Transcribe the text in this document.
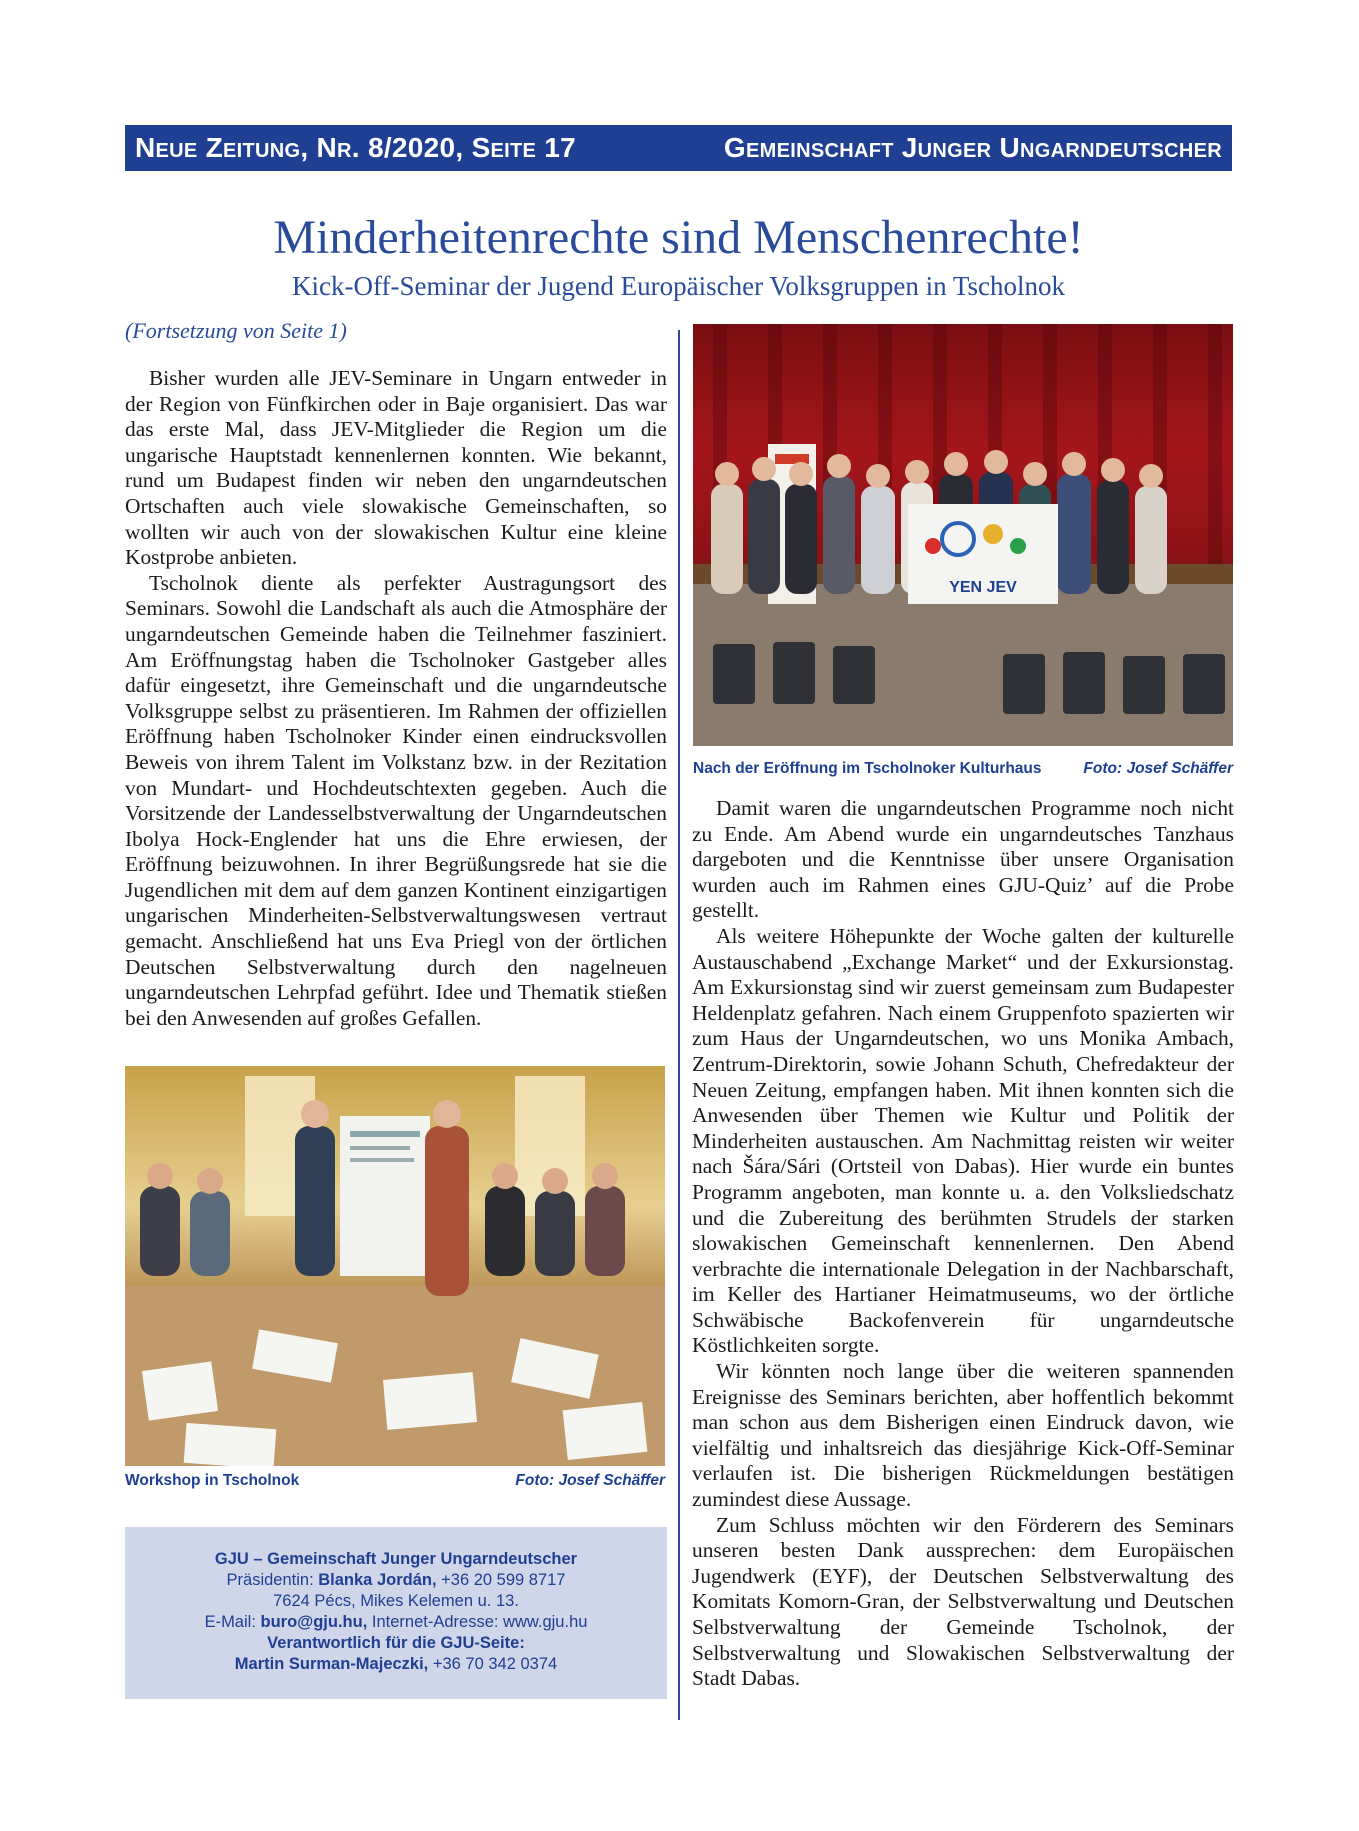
Neue Zeitung, Nr. 8/2020, Seite 17	Gemeinschaft Junger Ungarndeutscher
Minderheitenrechte sind Menschenrechte!
Kick-Off-Seminar der Jugend Europäischer Volksgruppen in Tscholnok
(Fortsetzung von Seite 1)

Bisher wurden alle JEV-Seminare in Ungarn entweder in der Region von Fünfkirchen oder in Baje organisiert. Das war das erste Mal, dass JEV-Mitglieder die Region um die ungarische Hauptstadt kennenlernen konnten. Wie bekannt, rund um Budapest finden wir neben den ungarndeutschen Ortschaften auch viele slowakische Gemeinschaften, so wollten wir auch von der slowakischen Kultur eine kleine Kostprobe anbieten.

Tscholnok diente als perfekter Austragungsort des Seminars. Sowohl die Landschaft als auch die Atmosphäre der ungarndeutschen Gemeinde haben die Teilnehmer fasziniert. Am Eröffnungstag haben die Tscholnoker Gastgeber alles dafür eingesetzt, ihre Gemeinschaft und die ungarndeutsche Volksgruppe selbst zu präsentieren. Im Rahmen der offiziellen Eröffnung haben Tscholnoker Kinder einen eindrucksvollen Beweis von ihrem Talent im Volkstanz bzw. in der Rezitation von Mundart- und Hochdeutschtexten gegeben. Auch die Vorsitzende der Landesselbstverwaltung der Ungarndeutschen Ibolya Hock-Englender hat uns die Ehre erwiesen, der Eröffnung beizuwohnen. In ihrer Begrüßungsrede hat sie die Jugendlichen mit dem auf dem ganzen Kontinent einzigartigen ungarischen Minderheiten-Selbstverwaltungswesen vertraut gemacht. Anschließend hat uns Eva Priegl von der örtlichen Deutschen Selbstverwaltung durch den nagelneuen ungarndeutschen Lehrpfad geführt. Idee und Thematik stießen bei den Anwesenden auf großes Gefallen.

YEN JEV
Nach der Eröffnung im Tscholnoker Kulturhaus	Foto: Josef Schäffer
Workshop in Tscholnok	Foto: Josef Schäffer

Damit waren die ungarndeutschen Programme noch nicht zu Ende. Am Abend wurde ein ungarndeutsches Tanzhaus dargeboten und die Kenntnisse über unsere Organisation wurden auch im Rahmen eines GJU-Quiz’ auf die Probe gestellt.

Als weitere Höhepunkte der Woche galten der kulturelle Austauschabend „Exchange Market“ und der Exkursionstag. Am Exkursionstag sind wir zuerst gemeinsam zum Budapester Heldenplatz gefahren. Nach einem Gruppenfoto spazierten wir zum Haus der Ungarndeutschen, wo uns Monika Ambach, Zentrum-Direktorin, sowie Johann Schuth, Chefredakteur der Neuen Zeitung, empfangen haben. Mit ihnen konnten sich die Anwesenden über Themen wie Kultur und Politik der Minderheiten austauschen. Am Nachmittag reisten wir weiter nach Šára/Sári (Ortsteil von Dabas). Hier wurde ein buntes Programm angeboten, man konnte u. a. den Volksliedschatz und die Zubereitung des berühmten Strudels der starken slowakischen Gemeinschaft kennenlernen. Den Abend verbrachte die internationale Delegation in der Nachbarschaft, im Keller des Hartianer Heimatmuseums, wo der örtliche Schwäbische Backofenverein für ungarndeutsche Köstlichkeiten sorgte.

Wir könnten noch lange über die weiteren spannenden Ereignisse des Seminars berichten, aber hoffentlich bekommt man schon aus dem Bisherigen einen Eindruck davon, wie vielfältig und inhaltsreich das diesjährige Kick-Off-Seminar verlaufen ist. Die bisherigen Rückmeldungen bestätigen zumindest diese Aussage.

Zum Schluss möchten wir den Förderern des Seminars unseren besten Dank aussprechen: dem Europäischen Jugendwerk (EYF), der Deutschen Selbstverwaltung des Komitats Komorn-Gran, der Selbstverwaltung und Deutschen Selbstverwaltung der Gemeinde Tscholnok, der Selbstverwaltung und Slowakischen Selbstverwaltung der Stadt Dabas.

GJU – Gemeinschaft Junger Ungarndeutscher
Präsidentin: Blanka Jordán, +36 20 599 8717
7624 Pécs, Mikes Kelemen u. 13.
E-Mail: buro@gju.hu, Internet-Adresse: www.gju.hu
Verantwortlich für die GJU-Seite:
Martin Surman-Majeczki, +36 70 342 0374
